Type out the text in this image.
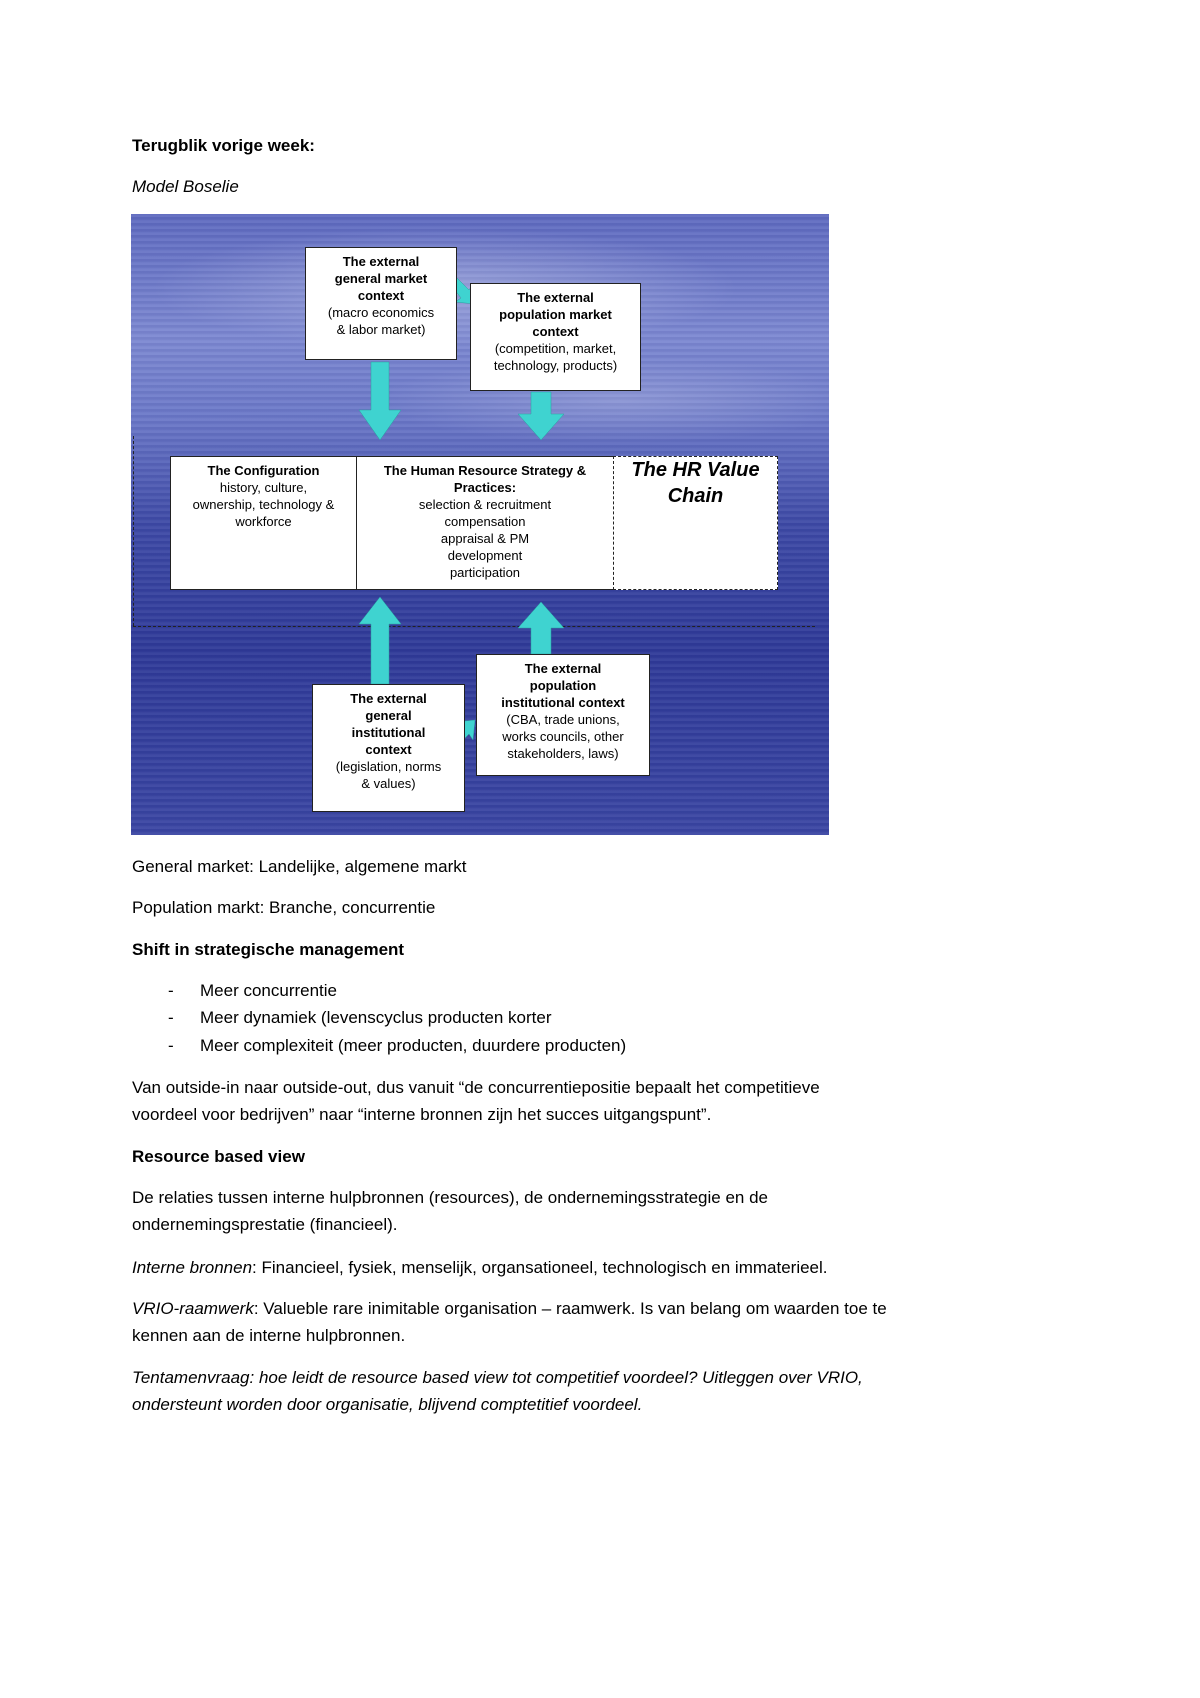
Terugblik vorige week:
Model Boselie
The external
general market
context
(macro economics
& labor market)
The external
population market
context
(competition, market,
technology, products)
The Configuration
history, culture,
ownership, technology &
workforce
The Human Resource Strategy &
Practices:
selection & recruitment
compensation
appraisal & PM
development
participation
The HR Value
Chain
The external
population
institutional context
(CBA, trade unions,
works councils, other
stakeholders, laws)
The external
general
institutional
context
(legislation, norms
& values)
General market: Landelijke, algemene markt
Population markt: Branche, concurrentie
Shift in strategische management
- Meer concurrentie
- Meer dynamiek (levenscyclus producten korter
- Meer complexiteit (meer producten, duurdere producten)
Van outside-in naar outside-out, dus vanuit “de concurrentiepositie bepaalt het competitieve
voordeel voor bedrijven” naar “interne bronnen zijn het succes uitgangspunt”.
Resource based view
De relaties tussen interne hulpbronnen (resources), de ondernemingsstrategie en de
ondernemingsprestatie (financieel).
Interne bronnen: Financieel, fysiek, menselijk, organsationeel, technologisch en immaterieel.
VRIO-raamwerk: Valueble rare inimitable organisation – raamwerk. Is van belang om waarden toe te
kennen aan de interne hulpbronnen.
Tentamenvraag: hoe leidt de resource based view tot competitief voordeel? Uitleggen over VRIO,
ondersteunt worden door organisatie, blijvend comptetitief voordeel.
